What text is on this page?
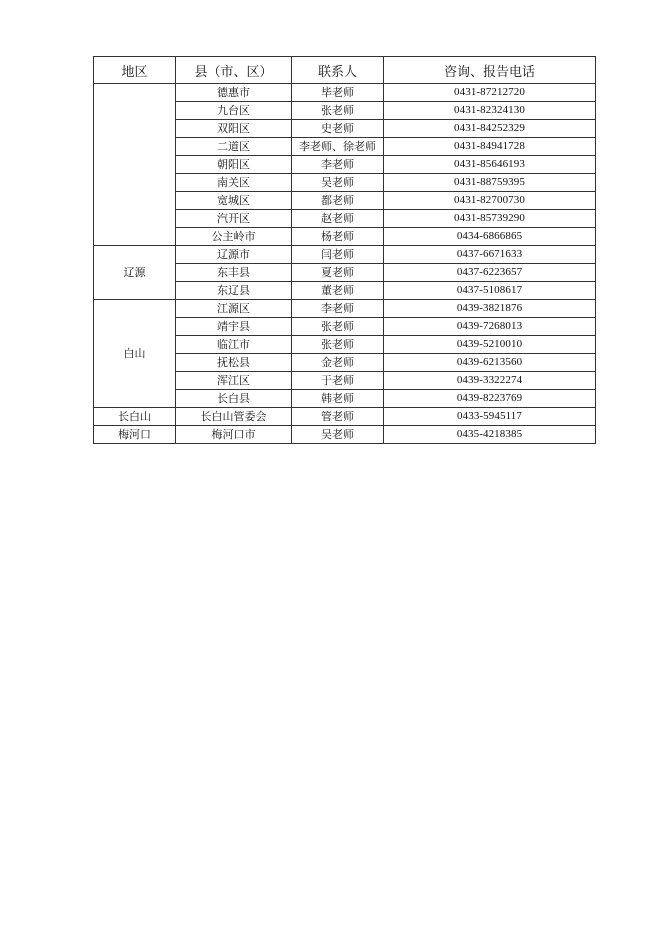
地区	县（市、区）	联系人	咨询、报告电话
	德惠市	毕老师	0431-87212720
	九台区	张老师	0431-82324130
	双阳区	史老师	0431-84252329
	二道区	李老师、徐老师	0431-84941728
	朝阳区	李老师	0431-85646193
	南关区	吴老师	0431-88759395
	宽城区	都老师	0431-82700730
	汽开区	赵老师	0431-85739290
	公主岭市	杨老师	0434-6866865
辽源	辽源市	闫老师	0437-6671633
	东丰县	夏老师	0437-6223657
	东辽县	董老师	0437-5108617
白山	江源区	李老师	0439-3821876
	靖宇县	张老师	0439-7268013
	临江市	张老师	0439-5210010
	抚松县	金老师	0439-6213560
	浑江区	于老师	0439-3322274
	长白县	韩老师	0439-8223769
长白山	长白山管委会	管老师	0433-5945117
梅河口	梅河口市	吴老师	0435-4218385
